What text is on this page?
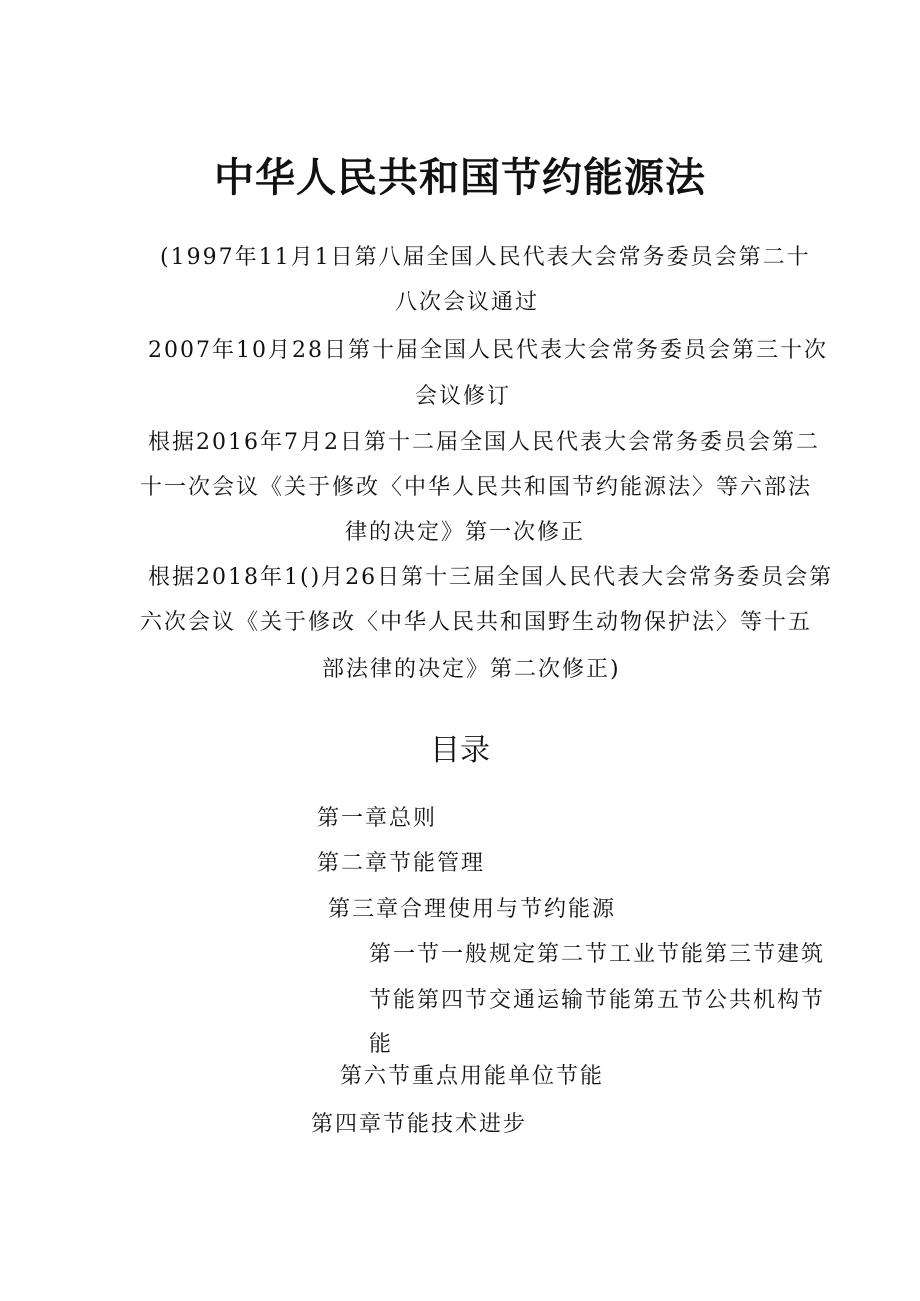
中华人民共和国节约能源法
(1997年11月1日第八届全国人民代表大会常务委员会第二十
八次会议通过
2007年10月28日第十届全国人民代表大会常务委员会第三十次
会议修订
根据2016年7月2日第十二届全国人民代表大会常务委员会第二
十一次会议《关于修改〈中华人民共和国节约能源法〉等六部法
律的决定》第一次修正
根据2018年1()月26日第十三届全国人民代表大会常务委员会第
六次会议《关于修改〈中华人民共和国野生动物保护法〉等十五
部法律的决定》第二次修正)
目录
第一章总则
第二章节能管理
第三章合理使用与节约能源
第一节一般规定第二节工业节能第三节建筑
节能第四节交通运输节能第五节公共机构节
能
第六节重点用能单位节能
第四章节能技术进步
